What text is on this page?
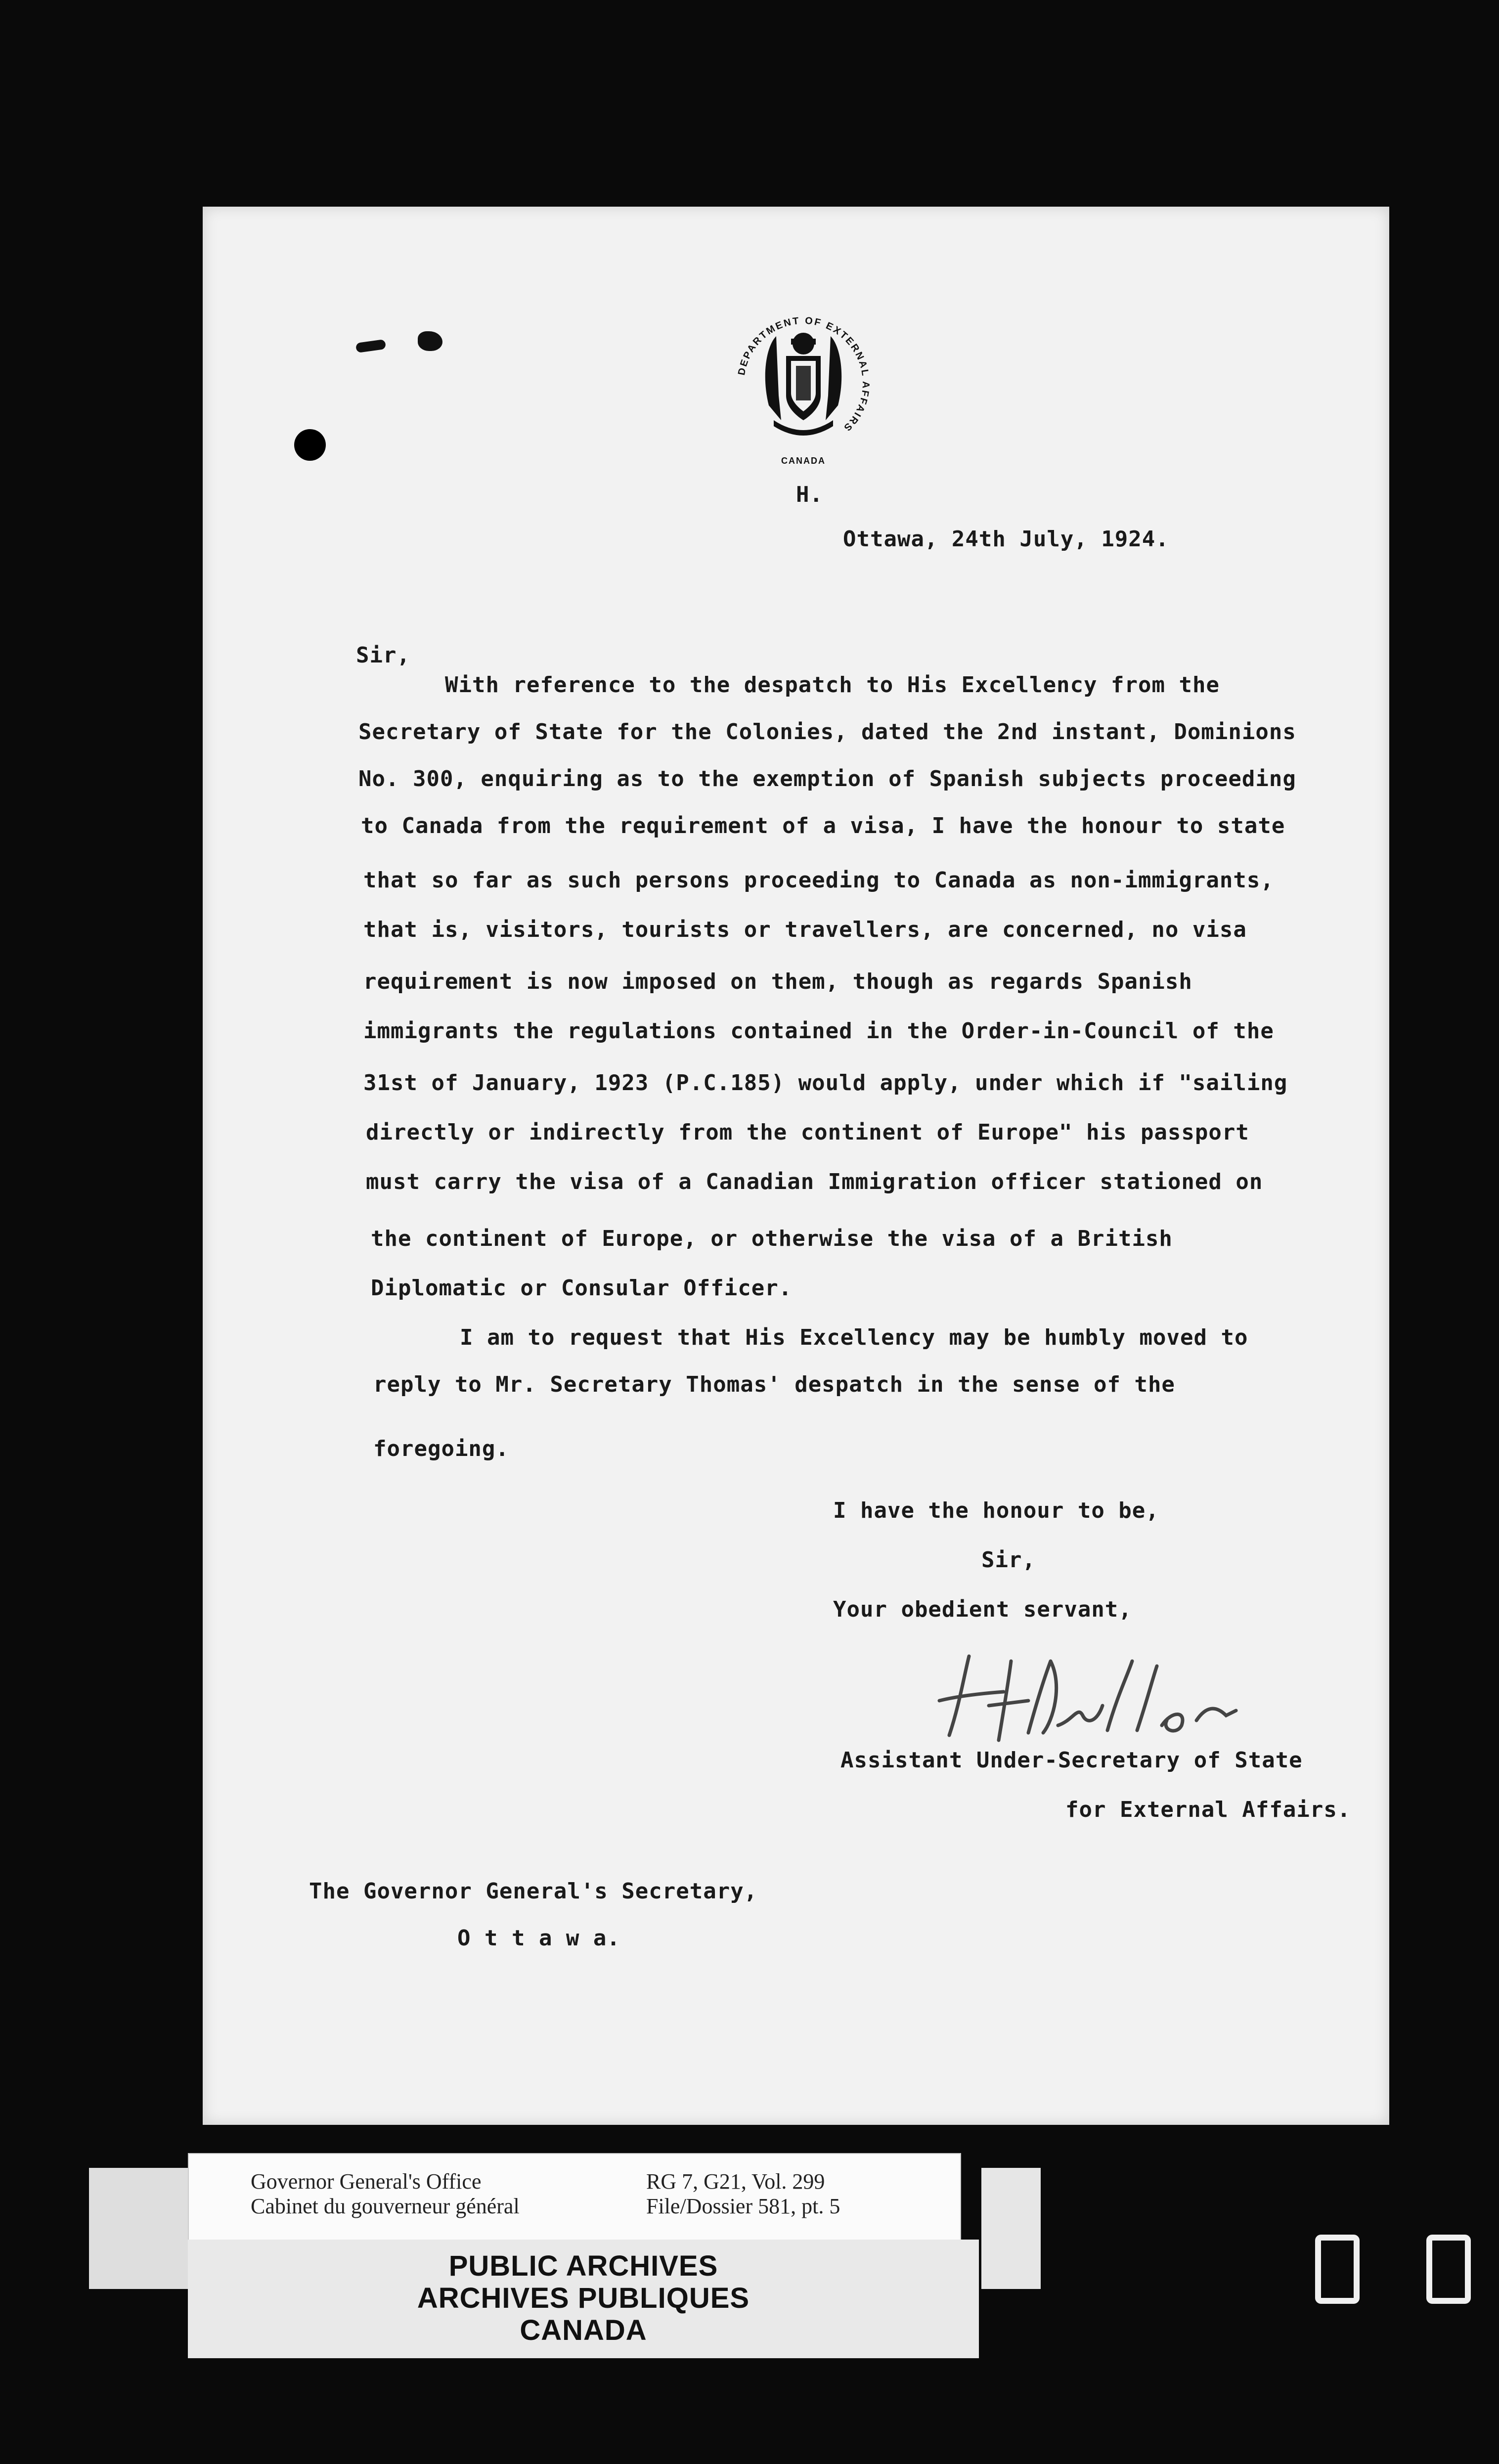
DEPARTMENT OF EXTERNAL AFFAIRS
CANADA

H.

Ottawa, 24th July, 1924.

Sir,

With reference to the despatch to His Excellency from the

Secretary of State for the Colonies, dated the 2nd instant, Dominions

No. 300, enquiring as to the exemption of Spanish subjects proceeding

to Canada from the requirement of a visa, I have the honour to state

that so far as such persons proceeding to Canada as non-immigrants,

that is, visitors, tourists or travellers, are concerned, no visa

requirement is now imposed on them, though as regards Spanish

immigrants the regulations contained in the Order-in-Council of the

31st of January, 1923 (P.C.185) would apply, under which if "sailing

directly or indirectly from the continent of Europe" his passport

must carry the visa of a Canadian Immigration officer stationed on

the continent of Europe, or otherwise the visa of a British

Diplomatic or Consular Officer.

I am to request that His Excellency may be humbly moved to

reply to Mr. Secretary Thomas' despatch in the sense of the

foregoing.

I have the honour to be,

Sir,

Your obedient servant,

Assistant Under-Secretary of State

for External Affairs.

The Governor General's Secretary,

O t t a w a.

Governor General's Office

Cabinet du gouverneur général

RG 7, G21, Vol. 299

File/Dossier 581, pt. 5

PUBLIC ARCHIVES

ARCHIVES PUBLIQUES

CANADA
